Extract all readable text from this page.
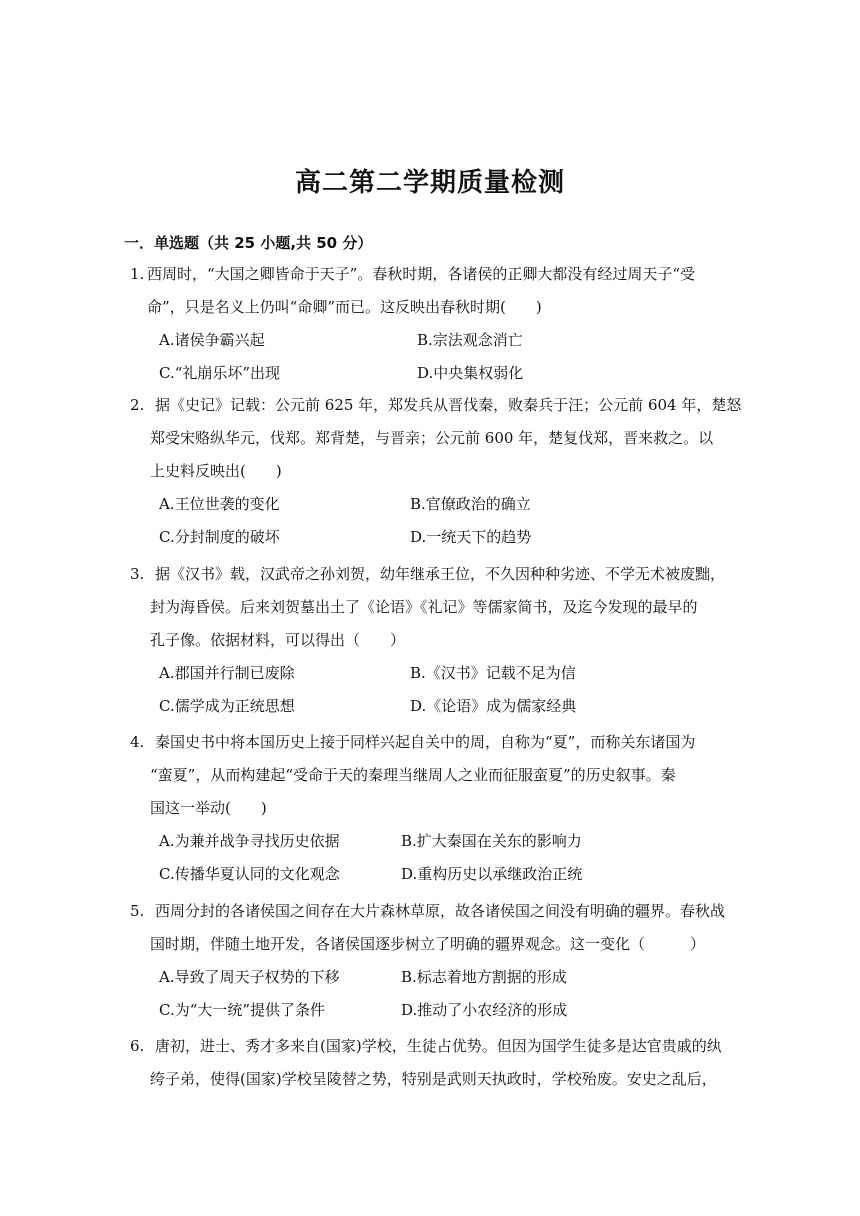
高二第二学期质量检测
一．单选题（共 25 小题,共 50 分）
1. 西周时，“大国之卿皆命于天子”。春秋时期，各诸侯的正卿大都没有经过周天子“受
命”，只是名义上仍叫“命卿”而已。这反映出春秋时期(　　)
A.诸侯争霸兴起	B.宗法观念消亡
C.“礼崩乐坏”出现	D.中央集权弱化
2. 据《史记》记载：公元前 625 年，郑发兵从晋伐秦，败秦兵于汪；公元前 604 年，楚怒
郑受宋赂纵华元，伐郑。郑背楚，与晋亲；公元前 600 年，楚复伐郑，晋来救之。以
上史料反映出(　　)
A.王位世袭的变化	B.官僚政治的确立
C.分封制度的破坏	D.一统天下的趋势
3. 据《汉书》载，汉武帝之孙刘贺，幼年继承王位，不久因种种劣迹、不学无术被废黜，
封为海昏侯。后来刘贺墓出土了《论语》《礼记》等儒家简书，及迄今发现的最早的
孔子像。依据材料，可以得出（　　）
A.郡国并行制已废除	B.《汉书》记载不足为信
C.儒学成为正统思想	D.《论语》成为儒家经典
4. 秦国史书中将本国历史上接于同样兴起自关中的周，自称为“夏”，而称关东诸国为
“蛮夏”，从而构建起“受命于天的秦理当继周人之业而征服蛮夏”的历史叙事。秦
国这一举动(　　)
A.为兼并战争寻找历史依据	B.扩大秦国在关东的影响力
C.传播华夏认同的文化观念	D.重构历史以承继政治正统
5. 西周分封的各诸侯国之间存在大片森林草原，故各诸侯国之间没有明确的疆界。春秋战
国时期，伴随土地开发，各诸侯国逐步树立了明确的疆界观念。这一变化（　　　）
A.导致了周天子权势的下移	B.标志着地方割据的形成
C.为“大一统”提供了条件	D.推动了小农经济的形成
6. 唐初，进士、秀才多来自(国家)学校，生徒占优势。但因为国学生徒多是达官贵戚的纨
绔子弟，使得(国家)学校呈陵替之势，特别是武则天执政时，学校殆废。安史之乱后，
